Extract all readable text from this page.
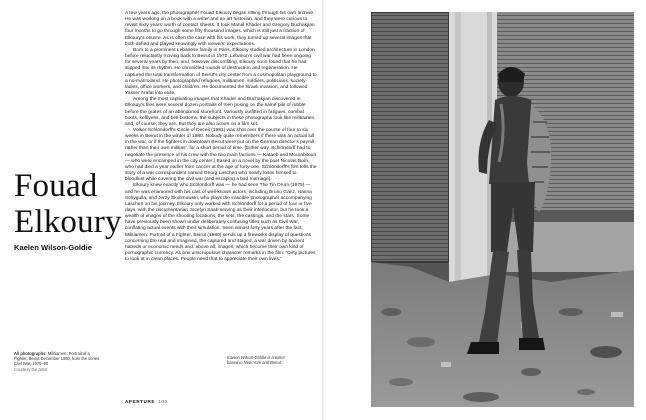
Fouad
Elkoury
Kaelen Wilson-Goldie
All photographs: Militiamen: Portrait of a Fighter, Beirut December 1980, from the series Civil War, 1975–90
Courtesy the artist

A few years ago, the photographer Fouad Elkoury began riffling through his own archive. He was working on a book with a writer and an art historian, and they were curious to revisit sixty years’ worth of contact sheets. It took Manal Khader and Gregory Buchakjian four months to go through some fifty thousand images, which is still just a fraction of Elkoury’s oeuvre. As is often the case with his work, they turned up several images that both defied and played knowingly with viewers’ expectations.

Born to a prominent Lebanese family in Paris, Elkoury studied architecture in London before reluctantly moving back to Beirut in 1970. Lebanon’s civil war had been ongoing for several years by then, and, however discomfiting, Elkoury soon found that he had slipped into its rhythm. He chronicled rounds of destruction and regeneration. He captured the total transformation of Beirut’s city center from a cosmopolitan playground to a no-man’s-land. He photographed refugees, militiamen, soldiers, politicians, society ladies, office workers, and children. He documented the Israeli invasion, and followed Yasser Arafat into exile.

Among the most captivating images that Khader and Buchakjian discovered in Elkoury’s files were several dozen portraits of men posing on the same pile of rubble before the grates of an abandoned storefront. Variously outfitted in fatigues, combat boots, keffiyehs, and bell-bottoms, the subjects in these photographs look like militiamen, and, of course, they are. But they are also actors on a film set.

Volker Schlöndorff’s Circle of Deceit (1981) was shot over the course of four to six weeks in Beirut in the winter of 1980. Nobody quite remembers if there was an actual lull in the war, or if the fighters in downtown Beirut were put on the German director’s payroll, rather than their own militias’, for a short period of time. (Either way, Schlöndorff had to negotiate the presence of his crew with the two main factions — Kataeb and Mourabitoun — who were encamped in the city center.) Based on a novel by the poet Nicolas Born, who had died a year earlier from cancer at the age of forty-one, Schlöndorff’s film tells the story of a war correspondent named Georg Laschen who nearly loses himself to bloodlust while covering the civil war (and escaping a bad marriage).

Elkoury knew exactly who Schlöndorff was — he had seen The Tin Drum (1979) — and he was enamored with his cast of well-known actors, including Bruno Ganz, Hanna Schygulla, and Jerzy Skolimowski, who plays the irascible photographer accompanying Laschen on his journey. Elkoury only worked with Schlöndorff for a period of four or five days, with the documentarian Jocelyn Saab serving as their interlocutor, but he took a wealth of images of the shooting locations, the sets, the castings, and the stars. Some have previously been shown under deliberately confusing titles such as Civil War, conflating actual events with their simulation. Seen almost forty years after the fact, Militiamen: Portrait of a Fighter, Beirut (1980) sends up a fireworks display of questions concerning the real and imagined, the captured and staged, a war driven by ancient hatreds or economic needs and, above all, images, which become their own kind of pornographic currency. As one unscrupulous character remarks in the film: “Dirty pictures to look at in clean places. People need that to appreciate their own lives.”

Kaelen Wilson-Goldie is a writer based in New York and Beirut.
APERTURE 109
